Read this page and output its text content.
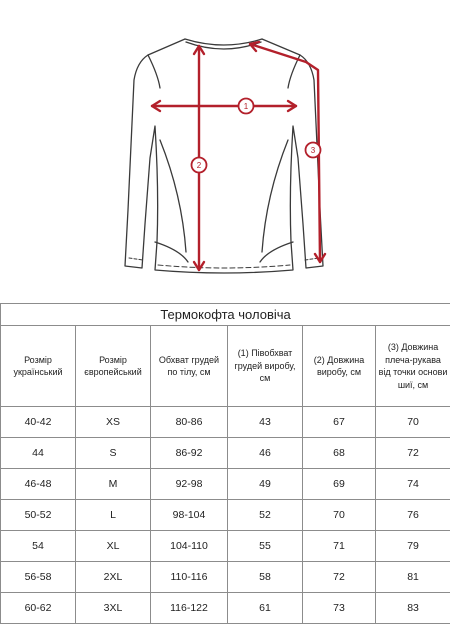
1
2
3
Термокофта чоловіча					
Розмір український	Розмір європейський	Обхват грудей по тілу, см	(1) Півобхват грудей виробу, см	(2) Довжина виробу, см	(3) Довжина плеча-рукава від точки основи шиї, см
40-42	XS	80-86	43	67	70
44	S	86-92	46	68	72
46-48	M	92-98	49	69	74
50-52	L	98-104	52	70	76
54	XL	104-110	55	71	79
56-58	2XL	110-116	58	72	81
60-62	3XL	116-122	61	73	83
